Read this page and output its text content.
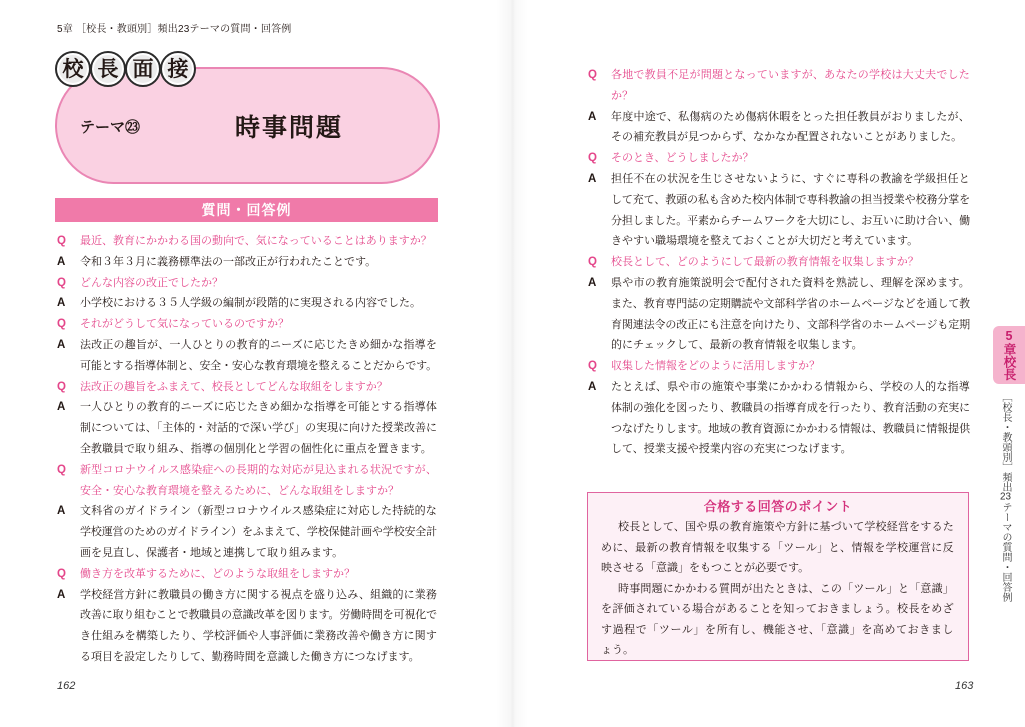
5章 ［校長・教頭別］頻出23テーマの質問・回答例
校 長 面 接
テーマ㉓	時事問題
質問・回答例
Q	最近、教育にかかわる国の動向で、気になっていることはありますか？
A	令和３年３月に義務標準法の一部改正が行われたことです。
Q	どんな内容の改正でしたか？
A	小学校における３５人学級の編制が段階的に実現される内容でした。
Q	それがどうして気になっているのですか？
A	法改正の趣旨が、一人ひとりの教育的ニーズに応じたきめ細かな指導を
可能とする指導体制と、安全・安心な教育環境を整えることだからです。
Q	法改正の趣旨をふまえて、校長としてどんな取組をしますか？
A	一人ひとりの教育的ニーズに応じたきめ細かな指導を可能とする指導体
制については、「主体的・対話的で深い学び」の実現に向けた授業改善に
全教職員で取り組み、指導の個別化と学習の個性化に重点を置きます。
Q	新型コロナウイルス感染症への長期的な対応が見込まれる状況ですが、
安全・安心な教育環境を整えるために、どんな取組をしますか？
A	文科省のガイドライン（新型コロナウイルス感染症に対応した持続的な
学校運営のためのガイドライン）をふまえて、学校保健計画や学校安全計
画を見直し、保護者・地域と連携して取り組みます。
Q	働き方を改革するために、どのような取組をしますか？
A	学校経営方針に教職員の働き方に関する視点を盛り込み、組織的に業務
改善に取り組むことで教職員の意識改革を図ります。労働時間を可視化で
き仕組みを構築したり、学校評価や人事評価に業務改善や働き方に関す
る項目を設定したりして、勤務時間を意識した働き方につなげます。
162
Q	各地で教員不足が問題となっていますが、あなたの学校は大丈夫でした
か？
A	年度中途で、私傷病のため傷病休暇をとった担任教員がおりましたが、
その補充教員が見つからず、なかなか配置されないことがありました。
Q	そのとき、どうしましたか？
A	担任不在の状況を生じさせないように、すぐに専科の教諭を学級担任と
して充て、教頭の私も含めた校内体制で専科教諭の担当授業や校務分掌を
分担しました。平素からチームワークを大切にし、お互いに助け合い、働
きやすい職場環境を整えておくことが大切だと考えています。
Q	校長として、どのようにして最新の教育情報を収集しますか？
A	県や市の教育施策説明会で配付された資料を熟読し、理解を深めます。
また、教育専門誌の定期購読や文部科学省のホームページなどを通して教
育関連法令の改正にも注意を向けたり、文部科学省のホームページも定期
的にチェックして、最新の教育情報を収集します。
Q	収集した情報をどのように活用しますか？
A	たとえば、県や市の施策や事業にかかわる情報から、学校の人的な指導
体制の強化を図ったり、教職員の指導育成を行ったり、教育活動の充実に
つなげたりします。地域の教育資源にかかわる情報は、教職員に情報提供
して、授業支援や授業内容の充実につなげます。
合格する回答のポイント
校長として、国や県の教育施策や方針に基づいて学校経営をするた
めに、最新の教育情報を収集する「ツール」と、情報を学校運営に反
映させる「意識」をもつことが必要です。
時事問題にかかわる質問が出たときは、この「ツール」と「意識」
を評価されている場合があることを知っておきましょう。校長をめざ
す過程で「ツール」を所有し、機能させ、「意識」を高めておきまし
ょう。
5章校長
［校長・教頭別］頻出23テーマの質問・回答例
163
